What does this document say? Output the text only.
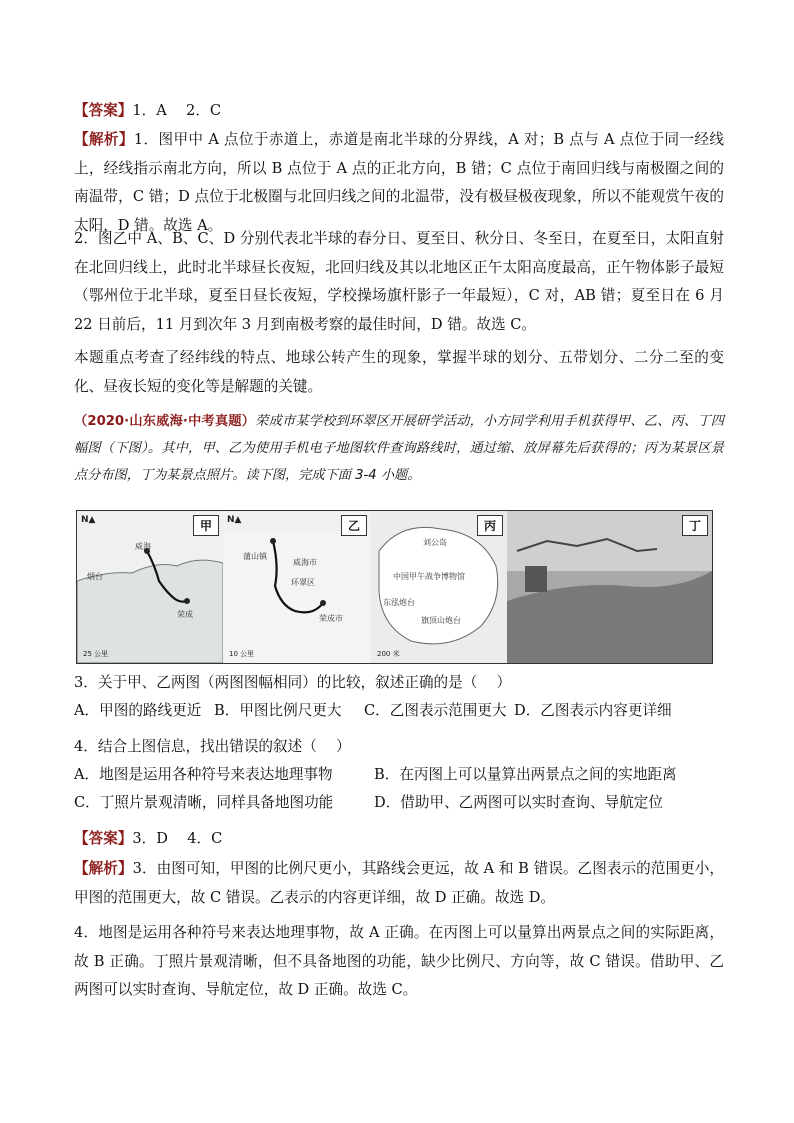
【答案】1．A　 2．C
【解析】1．图甲中 A 点位于赤道上，赤道是南北半球的分界线，A 对；B 点与 A 点位于同一经线上，经线指示南北方向，所以 B 点位于 A 点的正北方向，B 错；C 点位于南回归线与南极圈之间的南温带，C 错；D 点位于北极圈与北回归线之间的北温带，没有极昼极夜现象，所以不能观赏午夜的太阳，D 错。故选 A。
2．图乙中 A、B、C、D 分别代表北半球的春分日、夏至日、秋分日、冬至日，在夏至日，太阳直射在北回归线上，此时北半球昼长夜短，北回归线及其以北地区正午太阳高度最高，正午物体影子最短（鄂州位于北半球，夏至日昼长夜短，学校操场旗杆影子一年最短），C 对，AB 错；夏至日在 6 月 22 日前后，11 月到次年 3 月到南极考察的最佳时间，D 错。故选 C。
本题重点考查了经纬线的特点、地球公转产生的现象，掌握半球的划分、五带划分、二分二至的变化、昼夜长短的变化等是解题的关键。
（2020·山东威海·中考真题）荣成市某学校到环翠区开展研学活动，小方同学利用手机获得甲、乙、丙、丁四幅图（下图）。其中，甲、乙为使用手机电子地图软件查询路线时，通过缩、放屏幕先后获得的；丙为某景区景点分布图，丁为某景点照片。读下图，完成下面 3-4 小题。
N▲
烟台
威海
荣成
25 公里
甲	N▲
蒲山镇
威海市
环翠区
荣成市
10 公里
乙
刘公岛
中国甲午战争博物馆
东泓炮台
旗顶山炮台
200 米
丙	丁
3．关于甲、乙两图（两图图幅相同）的比较，叙述正确的是（　 ）
A．甲图的路线更近 B．甲图比例尺更大	C．乙图表示范围更大 D．乙图表示内容更详细
4．结合上图信息，找出错误的叙述（　 ）
A．地图是运用各种符号来表达地理事物	B．在丙图上可以量算出两景点之间的实地距离
C．丁照片景观清晰，同样具备地图功能	D．借助甲、乙两图可以实时查询、导航定位
【答案】3．D　 4．C
【解析】3．由图可知，甲图的比例尺更小，其路线会更远，故 A 和 B 错误。乙图表示的范围更小，甲图的范围更大，故 C 错误。乙表示的内容更详细，故 D 正确。故选 D。
4．地图是运用各种符号来表达地理事物，故 A 正确。在丙图上可以量算出两景点之间的实际距离，故 B 正确。丁照片景观清晰，但不具备地图的功能，缺少比例尺、方向等，故 C 错误。借助甲、乙两图可以实时查询、导航定位，故 D 正确。故选 C。
